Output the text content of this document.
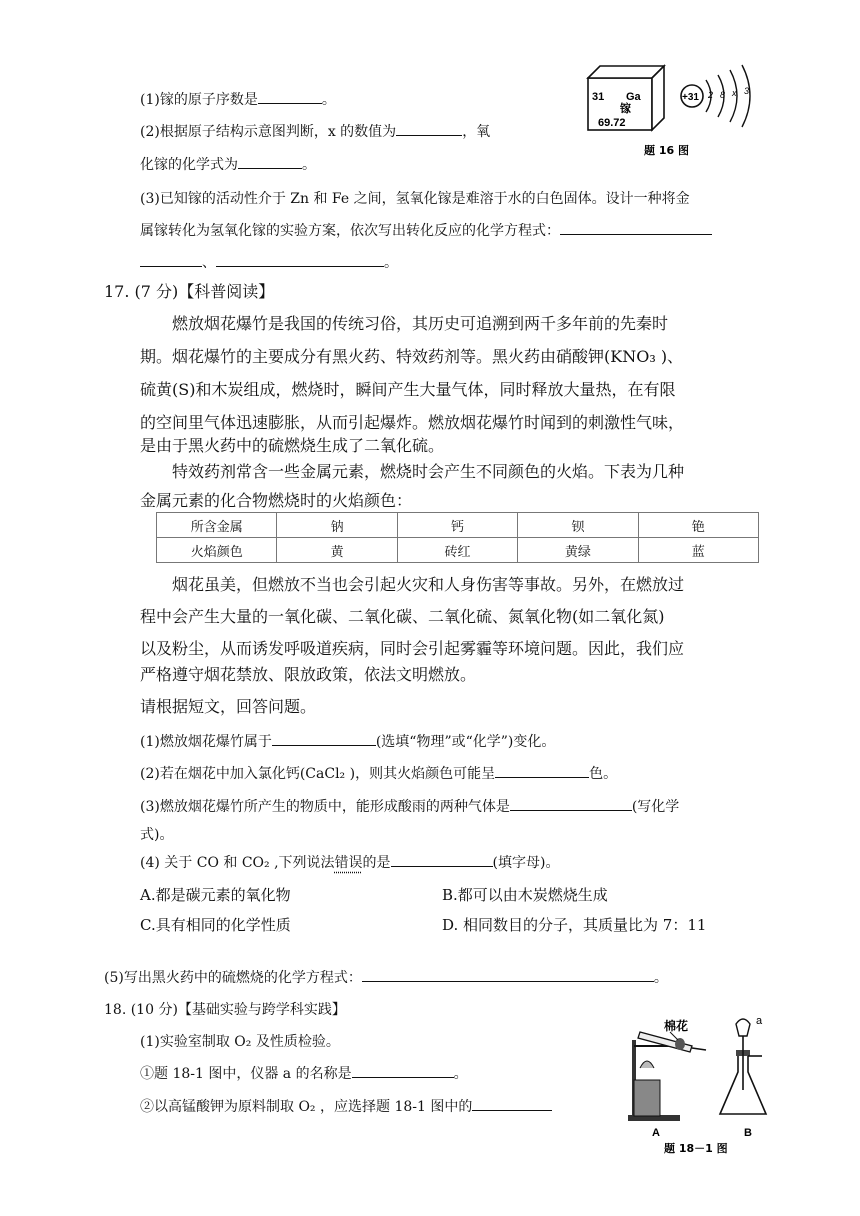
(1)镓的原子序数是	。
(2)根据原子结构示意图判断，x 的数值为	，氧
化镓的化学式为	。
(3)已知镓的活动性介于 Zn 和 Fe 之间，氢氧化镓是难溶于水的白色固体。设计一种将金
属镓转化为氢氧化镓的实验方案，依次写出转化反应的化学方程式：
、	。
31 Ga
镓
69.72
+31 2 8 x 3
题 16 图
17. (7 分)【科普阅读】
燃放烟花爆竹是我国的传统习俗，其历史可追溯到两千多年前的先秦时
期。烟花爆竹的主要成分有黑火药、特效药剂等。黑火药由硝酸钾(KNO₃ )、
硫黄(S)和木炭组成，燃烧时，瞬间产生大量气体，同时释放大量热，在有限
的空间里气体迅速膨胀，从而引起爆炸。燃放烟花爆竹时闻到的刺激性气味，
是由于黑火药中的硫燃烧生成了二氧化硫。
特效药剂常含一些金属元素，燃烧时会产生不同颜色的火焰。下表为几种
金属元素的化合物燃烧时的火焰颜色：
所含金属	钠	钙	钡	铯
火焰颜色	黄	砖红	黄绿	蓝
烟花虽美，但燃放不当也会引起火灾和人身伤害等事故。另外，在燃放过
程中会产生大量的一氧化碳、二氧化碳、二氧化硫、氮氧化物(如二氧化氮)
以及粉尘，从而诱发呼吸道疾病，同时会引起雾霾等环境问题。因此，我们应
严格遵守烟花禁放、限放政策，依法文明燃放。
请根据短文，回答问题。
(1)燃放烟花爆竹属于	(选填“物理”或“化学”)变化。
(2)若在烟花中加入氯化钙(CaCl₂ )，则其火焰颜色可能呈	色。
(3)燃放烟花爆竹所产生的物质中，能形成酸雨的两种气体是	(写化学
式)。
(4) 关于 CO 和 CO₂ ,下列说法错误的是	(填字母)。
A.都是碳元素的氧化物	B.都可以由木炭燃烧生成
C.具有相同的化学性质	D. 相同数目的分子，其质量比为 7：11
(5)写出黑火药中的硫燃烧的化学方程式：	。
18. (10 分)【基础实验与跨学科实践】
(1)实验室制取 O₂ 及性质检验。
①题 18-1 图中，仪器 a 的名称是	。
②以高锰酸钾为原料制取 O₂ ，应选择题 18-1 图中的
棉花
A
a
B
题 18－1 图
